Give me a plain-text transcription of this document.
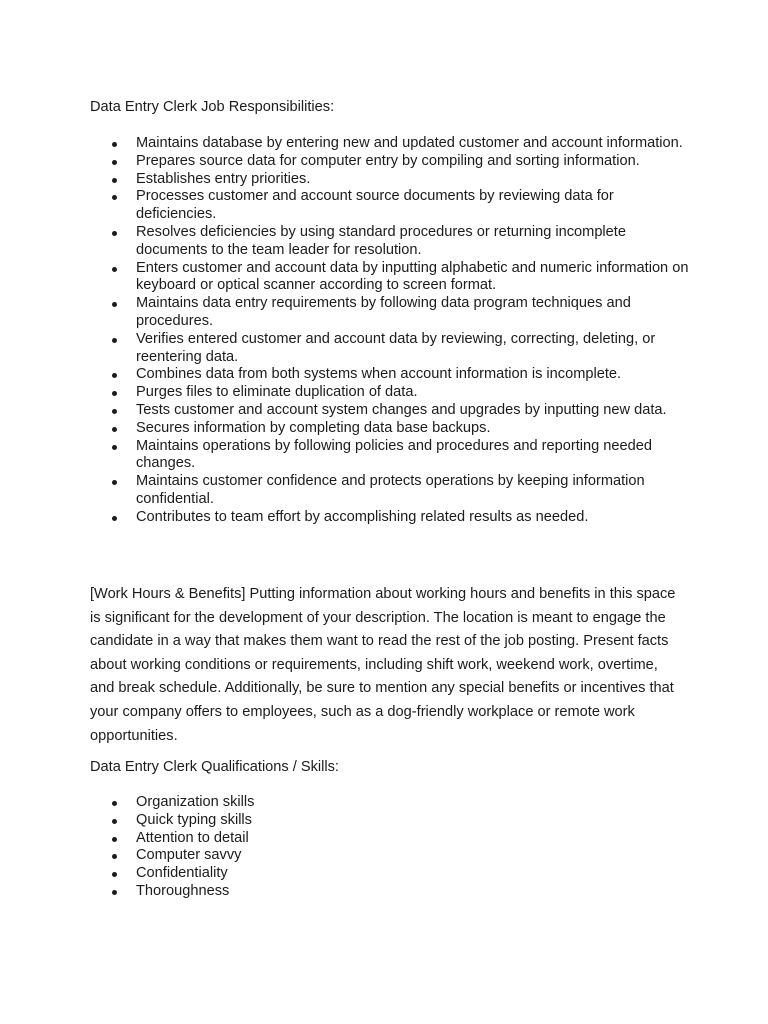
Data Entry Clerk Job Responsibilities:

Maintains database by entering new and updated customer and account information.
Prepares source data for computer entry by compiling and sorting information.
Establishes entry priorities.
Processes customer and account source documents by reviewing data for deficiencies.
Resolves deficiencies by using standard procedures or returning incomplete documents to the team leader for resolution.
Enters customer and account data by inputting alphabetic and numeric information on keyboard or optical scanner according to screen format.
Maintains data entry requirements by following data program techniques and procedures.
Verifies entered customer and account data by reviewing, correcting, deleting, or reentering data.
Combines data from both systems when account information is incomplete.
Purges files to eliminate duplication of data.
Tests customer and account system changes and upgrades by inputting new data.
Secures information by completing data base backups.
Maintains operations by following policies and procedures and reporting needed changes.
Maintains customer confidence and protects operations by keeping information confidential.
Contributes to team effort by accomplishing related results as needed.

[Work Hours & Benefits] Putting information about working hours and benefits in this space is significant for the development of your description. The location is meant to engage the candidate in a way that makes them want to read the rest of the job posting. Present facts about working conditions or requirements, including shift work, weekend work, overtime, and break schedule. Additionally, be sure to mention any special benefits or incentives that your company offers to employees, such as a dog-friendly workplace or remote work opportunities.

Data Entry Clerk Qualifications / Skills:

Organization skills
Quick typing skills
Attention to detail
Computer savvy
Confidentiality
Thoroughness
